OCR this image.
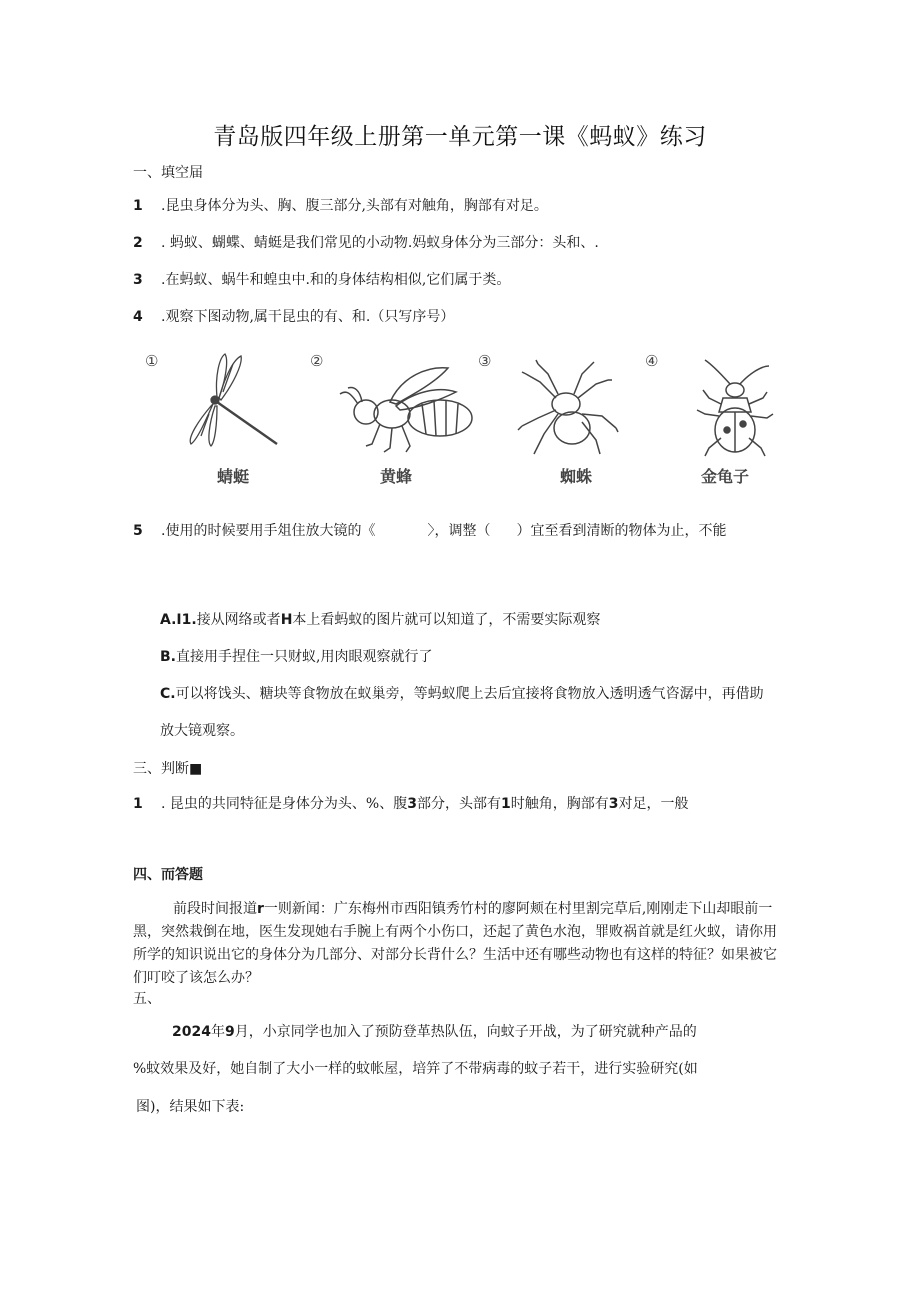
青岛版四年级上册第一单元第一课《蚂蚁》练习
一、填空届
1 .昆虫身体分为头、胸、腹三部分,头部有对触角，胸部有对足。
2 . 蚂蚁、蝴蝶、蜻蜓是我们常见的小动物.妈蚁身体分为三部分：头和、.
3 .在蚂蚁、蜗牛和蝗虫中.和的身体结构相似,它们属于类。
4 .观察下图动物,属干昆虫的有、和.（只写序号）
①
蜻蜓
②
黄蜂
③
蜘蛛
④
金龟子
5 .使用的时候要用手俎住放大镜的《	〉，调整（ ）宜至看到清断的物体为止，不能
A.I1.接从网络或者H本上看蚂蚁的图片就可以知道了，不需要实际观察
B.直接用手捏住一只财蚁,用肉眼观察就行了
C.可以将饯头、糖块等食物放在蚁巢旁，等蚂蚁爬上去后宜接将食物放入透明透气咨潺中，再借助
放大镜观察。
三、判断■
1 . 昆虫的共同特征是身体分为头、%、腹3部分，头部有1时触角，胸部有3对足，一般
四、而答题
前段时间报道r一则新闻：广东梅州市西阳镇秀竹村的廖阿颊在村里割完草后,刚刚走下山却眼前一黑，突然栽倒在地，医生发现她右手腕上有两个小伤口，还起了黄色水泡，罪败祸首就是红火蚁，请你用所学的知识说出它的身体分为几部分、对部分长背什么？生活中还有哪些动物也有这样的特征？如果被它们叮咬了该怎么办？
五、
2024年9月，小京同学也加入了预防登革热队伍，向蚊子开战，为了研究就种产品的
%蚊效果及好，她自制了大小一样的蚊帐屋，培笄了不带病毒的蚊子若干，进行实验研究(如
图)，结果如下表:
